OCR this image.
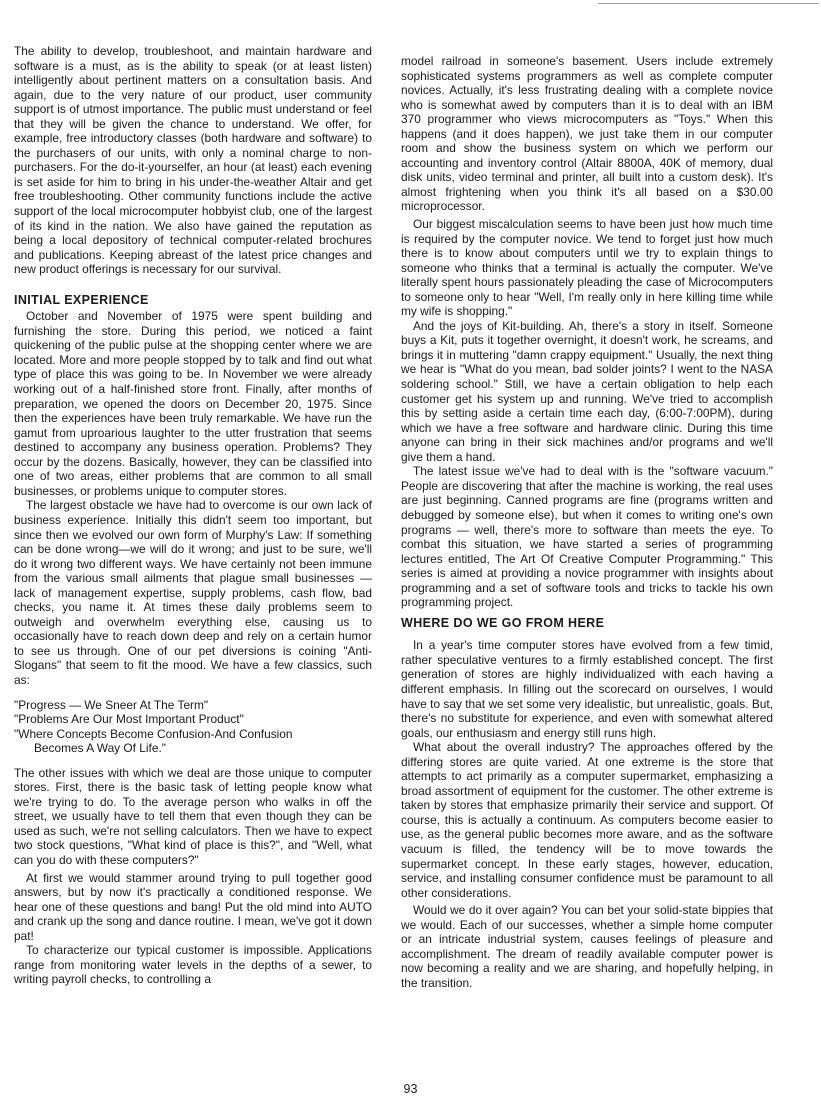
The ability to develop, troubleshoot, and maintain hardware and software is a must, as is the ability to speak (or at least listen) intelligently about pertinent matters on a consultation basis. And again, due to the very nature of our product, user community support is of utmost importance. The public must understand or feel that they will be given the chance to understand. We offer, for example, free introductory classes (both hardware and software) to the purchasers of our units, with only a nominal charge to non-purchasers. For the do-it-yourselfer, an hour (at least) each evening is set aside for him to bring in his under-the-weather Altair and get free troubleshooting. Other community functions include the active support of the local microcomputer hobbyist club, one of the largest of its kind in the nation. We also have gained the reputation as being a local depository of technical computer-related brochures and publications. Keeping abreast of the latest price changes and new product offerings is necessary for our survival.

INITIAL EXPERIENCE

October and November of 1975 were spent building and furnishing the store. During this period, we noticed a faint quickening of the public pulse at the shopping center where we are located. More and more people stopped by to talk and find out what type of place this was going to be. In November we were already working out of a half-finished store front. Finally, after months of preparation, we opened the doors on December 20, 1975. Since then the experiences have been truly remarkable. We have run the gamut from uproarious laughter to the utter frustration that seems destined to accompany any business operation. Problems? They occur by the dozens. Basically, however, they can be classified into one of two areas, either problems that are common to all small businesses, or problems unique to computer stores.

The largest obstacle we have had to overcome is our own lack of business experience. Initially this didn't seem too important, but since then we evolved our own form of Murphy's Law: If something can be done wrong—we will do it wrong; and just to be sure, we'll do it wrong two different ways. We have certainly not been immune from the various small ailments that plague small businesses — lack of management expertise, supply problems, cash flow, bad checks, you name it. At times these daily problems seem to outweigh and overwhelm everything else, causing us to occasionally have to reach down deep and rely on a certain humor to see us through. One of our pet diversions is coining "Anti-Slogans" that seem to fit the mood. We have a few classics, such as:

"Progress — We Sneer At The Term"
"Problems Are Our Most Important Product"
"Where Concepts Become Confusion-And Confusion
Becomes A Way Of Life."

The other issues with which we deal are those unique to computer stores. First, there is the basic task of letting people know what we're trying to do. To the average person who walks in off the street, we usually have to tell them that even though they can be used as such, we're not selling calculators. Then we have to expect two stock questions, "What kind of place is this?", and "Well, what can you do with these computers?"

At first we would stammer around trying to pull together good answers, but by now it's practically a conditioned response. We hear one of these questions and bang! Put the old mind into AUTO and crank up the song and dance routine. I mean, we've got it down pat!

To characterize our typical customer is impossible. Applications range from monitoring water levels in the depths of a sewer, to writing payroll checks, to controlling a

model railroad in someone's basement. Users include extremely sophisticated systems programmers as well as complete computer novices. Actually, it's less frustrating dealing with a complete novice who is somewhat awed by computers than it is to deal with an IBM 370 programmer who views microcomputers as "Toys." When this happens (and it does happen), we just take them in our computer room and show the business system on which we perform our accounting and inventory control (Altair 8800A, 40K of memory, dual disk units, video terminal and printer, all built into a custom desk). It's almost frightening when you think it's all based on a $30.00 microprocessor.

Our biggest miscalculation seems to have been just how much time is required by the computer novice. We tend to forget just how much there is to know about computers until we try to explain things to someone who thinks that a terminal is actually the computer. We've literally spent hours passionately pleading the case of Microcomputers to someone only to hear "Well, I'm really only in here killing time while my wife is shopping."

And the joys of Kit-building. Ah, there's a story in itself. Someone buys a Kit, puts it together overnight, it doesn't work, he screams, and brings it in muttering "damn crappy equipment." Usually, the next thing we hear is "What do you mean, bad solder joints? I went to the NASA soldering school." Still, we have a certain obligation to help each customer get his system up and running. We've tried to accomplish this by setting aside a certain time each day, (6:00-7:00PM), during which we have a free software and hardware clinic. During this time anyone can bring in their sick machines and/or programs and we'll give them a hand.

The latest issue we've had to deal with is the "software vacuum." People are discovering that after the machine is working, the real uses are just beginning. Canned programs are fine (programs written and debugged by someone else), but when it comes to writing one's own programs — well, there's more to software than meets the eye. To combat this situation, we have started a series of programming lectures entitled, The Art Of Creative Computer Programming." This series is aimed at providing a novice programmer with insights about programming and a set of software tools and tricks to tackle his own programming project.

WHERE DO WE GO FROM HERE

In a year's time computer stores have evolved from a few timid, rather speculative ventures to a firmly established concept. The first generation of stores are highly individualized with each having a different emphasis. In filling out the scorecard on ourselves, I would have to say that we set some very idealistic, but unrealistic, goals. But, there's no substitute for experience, and even with somewhat altered goals, our enthusiasm and energy still runs high.

What about the overall industry? The approaches offered by the differing stores are quite varied. At one extreme is the store that attempts to act primarily as a computer supermarket, emphasizing a broad assortment of equipment for the customer. The other extreme is taken by stores that emphasize primarily their service and support. Of course, this is actually a continuum. As computers become easier to use, as the general public becomes more aware, and as the software vacuum is filled, the tendency will be to move towards the supermarket concept. In these early stages, however, education, service, and installing consumer confidence must be paramount to all other considerations.

Would we do it over again? You can bet your solid-state bippies that we would. Each of our successes, whether a simple home computer or an intricate industrial system, causes feelings of pleasure and accomplishment. The dream of readily available computer power is now becoming a reality and we are sharing, and hopefully helping, in the transition.

93
